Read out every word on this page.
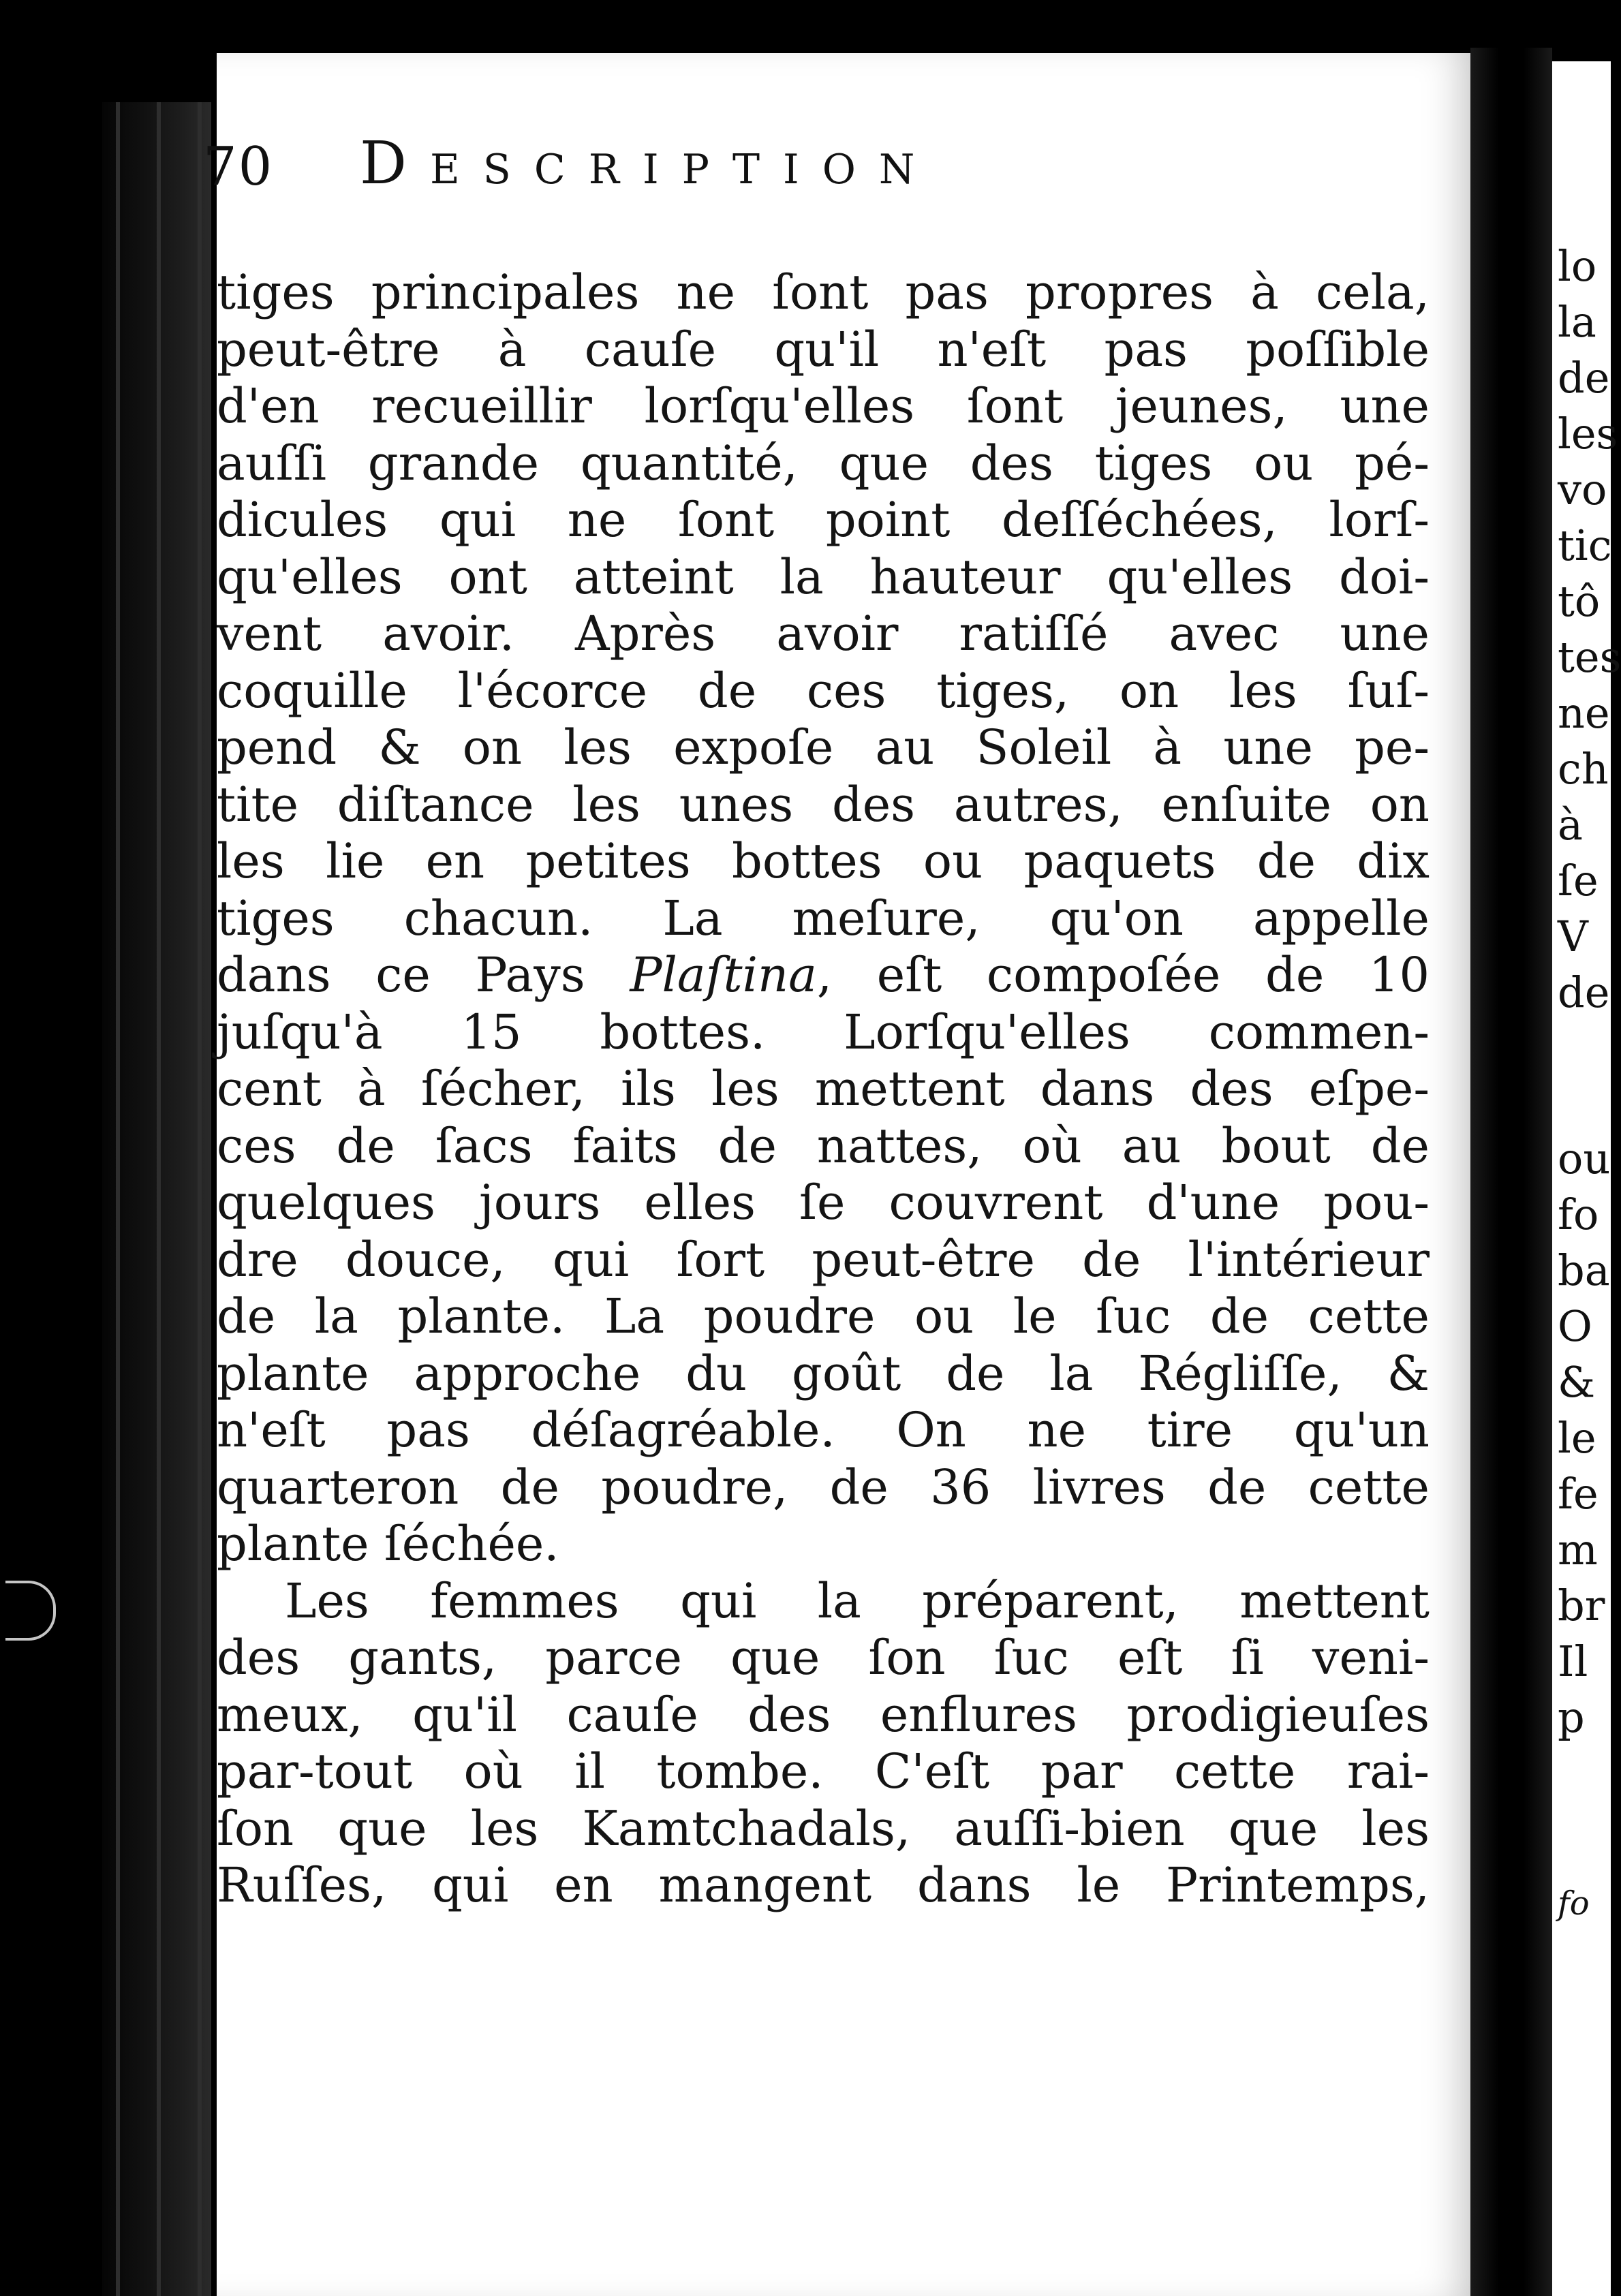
lo
la
de
les
vo
tic
tô
tes
ne
ch
à
ſe
V
de
ou
fo
ba
O
&
le
fe
m
br
Il
p
fo
70 Description
tiges principales ne ſont pas propres à cela,
peut-être à cauſe qu'il n'eſt pas poſſible
d'en recueillir lorſqu'elles ſont jeunes, une
auſſi grande quantité, que des tiges ou pé-
dicules qui ne ſont point deſſéchées, lorſ-
qu'elles ont atteint la hauteur qu'elles doi-
vent avoir. Après avoir ratiſſé avec une
coquille l'écorce de ces tiges, on les ſuſ-
pend & on les expoſe au Soleil à une pe-
tite diſtance les unes des autres, enſuite on
les lie en petites bottes ou paquets de dix
tiges chacun. La meſure, qu'on appelle
dans ce Pays Plaſtina, eſt compoſée de 10
juſqu'à 15 bottes. Lorſqu'elles commen-
cent à ſécher, ils les mettent dans des eſpe-
ces de ſacs faits de nattes, où au bout de
quelques jours elles ſe couvrent d'une pou-
dre douce, qui ſort peut-être de l'intérieur
de la plante. La poudre ou le ſuc de cette
plante approche du goût de la Régliſſe, &
n'eſt pas déſagréable. On ne tire qu'un
quarteron de poudre, de 36 livres de cette
plante ſéchée.
Les femmes qui la préparent, mettent
des gants, parce que ſon ſuc eſt ſi veni-
meux, qu'il cauſe des enflures prodigieuſes
par-tout où il tombe. C'eſt par cette rai-
ſon que les Kamtchadals, auſſi-bien que les
Ruſſes, qui en mangent dans le Printemps,
